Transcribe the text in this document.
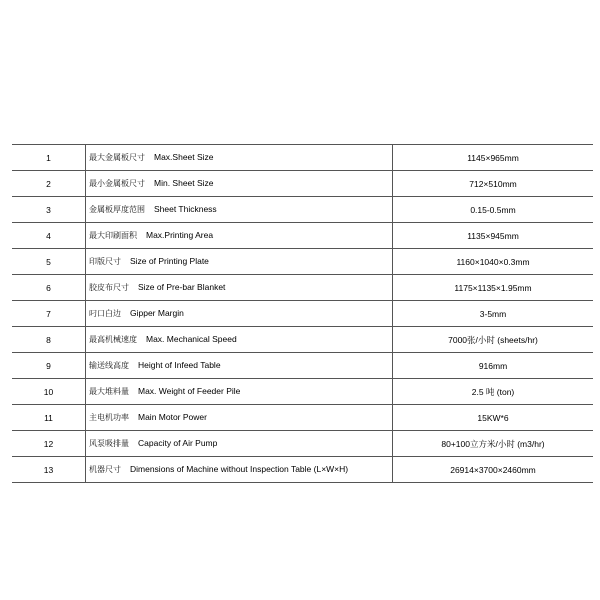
1	最大金属板尺寸 Max.Sheet Size	1145×965mm
2	最小金属板尺寸 Min. Sheet Size	712×510mm
3	金属板厚度范围 Sheet Thickness	0.15-0.5mm
4	最大印刷面积 Max.Printing Area	1135×945mm
5	印版尺寸 Size of Printing Plate	1160×1040×0.3mm
6	胶皮布尺寸 Size of Pre-bar Blanket	1175×1135×1.95mm
7	叼口白边 Gipper Margin	3-5mm
8	最高机械速度 Max. Mechanical Speed	7000张/小时 (sheets/hr)
9	输送线高度 Height of Infeed Table	916mm
10	最大堆料量 Max. Weight of Feeder Pile	2.5 吨 (ton)
11	主电机功率 Main Motor Power	15KW*6
12	风泵吸排量 Capacity of Air Pump	80+100立方米/小时 (m3/hr)
13	机器尺寸 Dimensions of Machine without Inspection Table (L×W×H)	26914×3700×2460mm
